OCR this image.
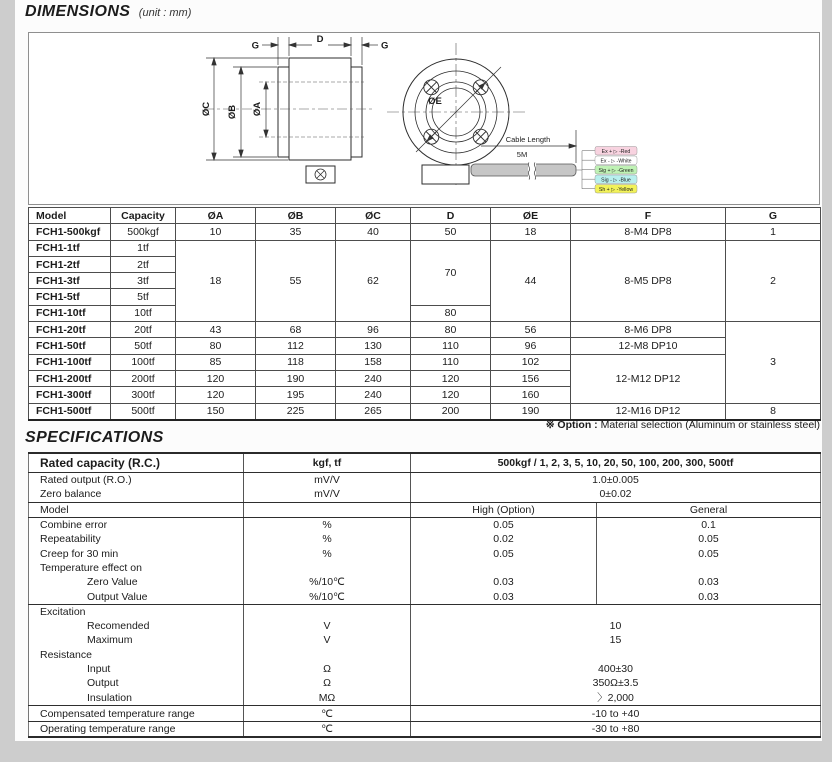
DIMENSIONS (unit : mm)
D
G	G
ØC ØB ØA
ØE
Cable Length
5M	Ex + ▷ -Red
Ex - ▷ -White
Sig + ▷ -Green
Sig - ▷ -Blue
Sh + ▷ -Yellow
Model	Capacity	ØA	ØB	ØC	D	ØE	F	G
FCH1-500kgf	500kgf	10	35	40	50	18	8-M4 DP8	1
FCH1-1tf	1tf	18	55	62	70	44	8-M5 DP8	2
FCH1-2tf	2tf							
FCH1-3tf	3tf							
FCH1-5tf	5tf							
FCH1-10tf	10tf				80			
FCH1-20tf	20tf	43	68	96	80	56	8-M6 DP8	3
FCH1-50tf	50tf	80	112	130	110	96	12-M8 DP10	
FCH1-100tf	100tf	85	118	158	110	102	12-M12 DP12	
FCH1-200tf	200tf	120	190	240	120	156		
FCH1-300tf	300tf	120	195	240	120	160		
FCH1-500tf	500tf	150	225	265	200	190	12-M16 DP12	8
※ Option : Material selection (Aluminum or stainless steel)
SPECIFICATIONS
Rated capacity (R.C.)	kgf, tf	500kgf / 1, 2, 3, 5, 10, 20, 50, 100, 200, 300, 500tf	
Rated output (R.O.)	mV/V	1.0±0.005	
Zero balance	mV/V	0±0.02	
Model		High (Option)	General
Combine error	%	0.05	0.1
Repeatability	%	0.02	0.05
Creep for 30 min	%	0.05	0.05
Temperature effect on			
Zero Value	%/10℃	0.03	0.03
Output Value	%/10℃	0.03	0.03
Excitation			
Recomended	V	10	
Maximum	V	15	
Resistance			
Input	Ω	400±30	
Output	Ω	350Ω±3.5	
Insulation	MΩ	〉2,000	
Compensated temperature range	℃	-10 to +40	
Operating temperature range	℃	-30 to +80	
